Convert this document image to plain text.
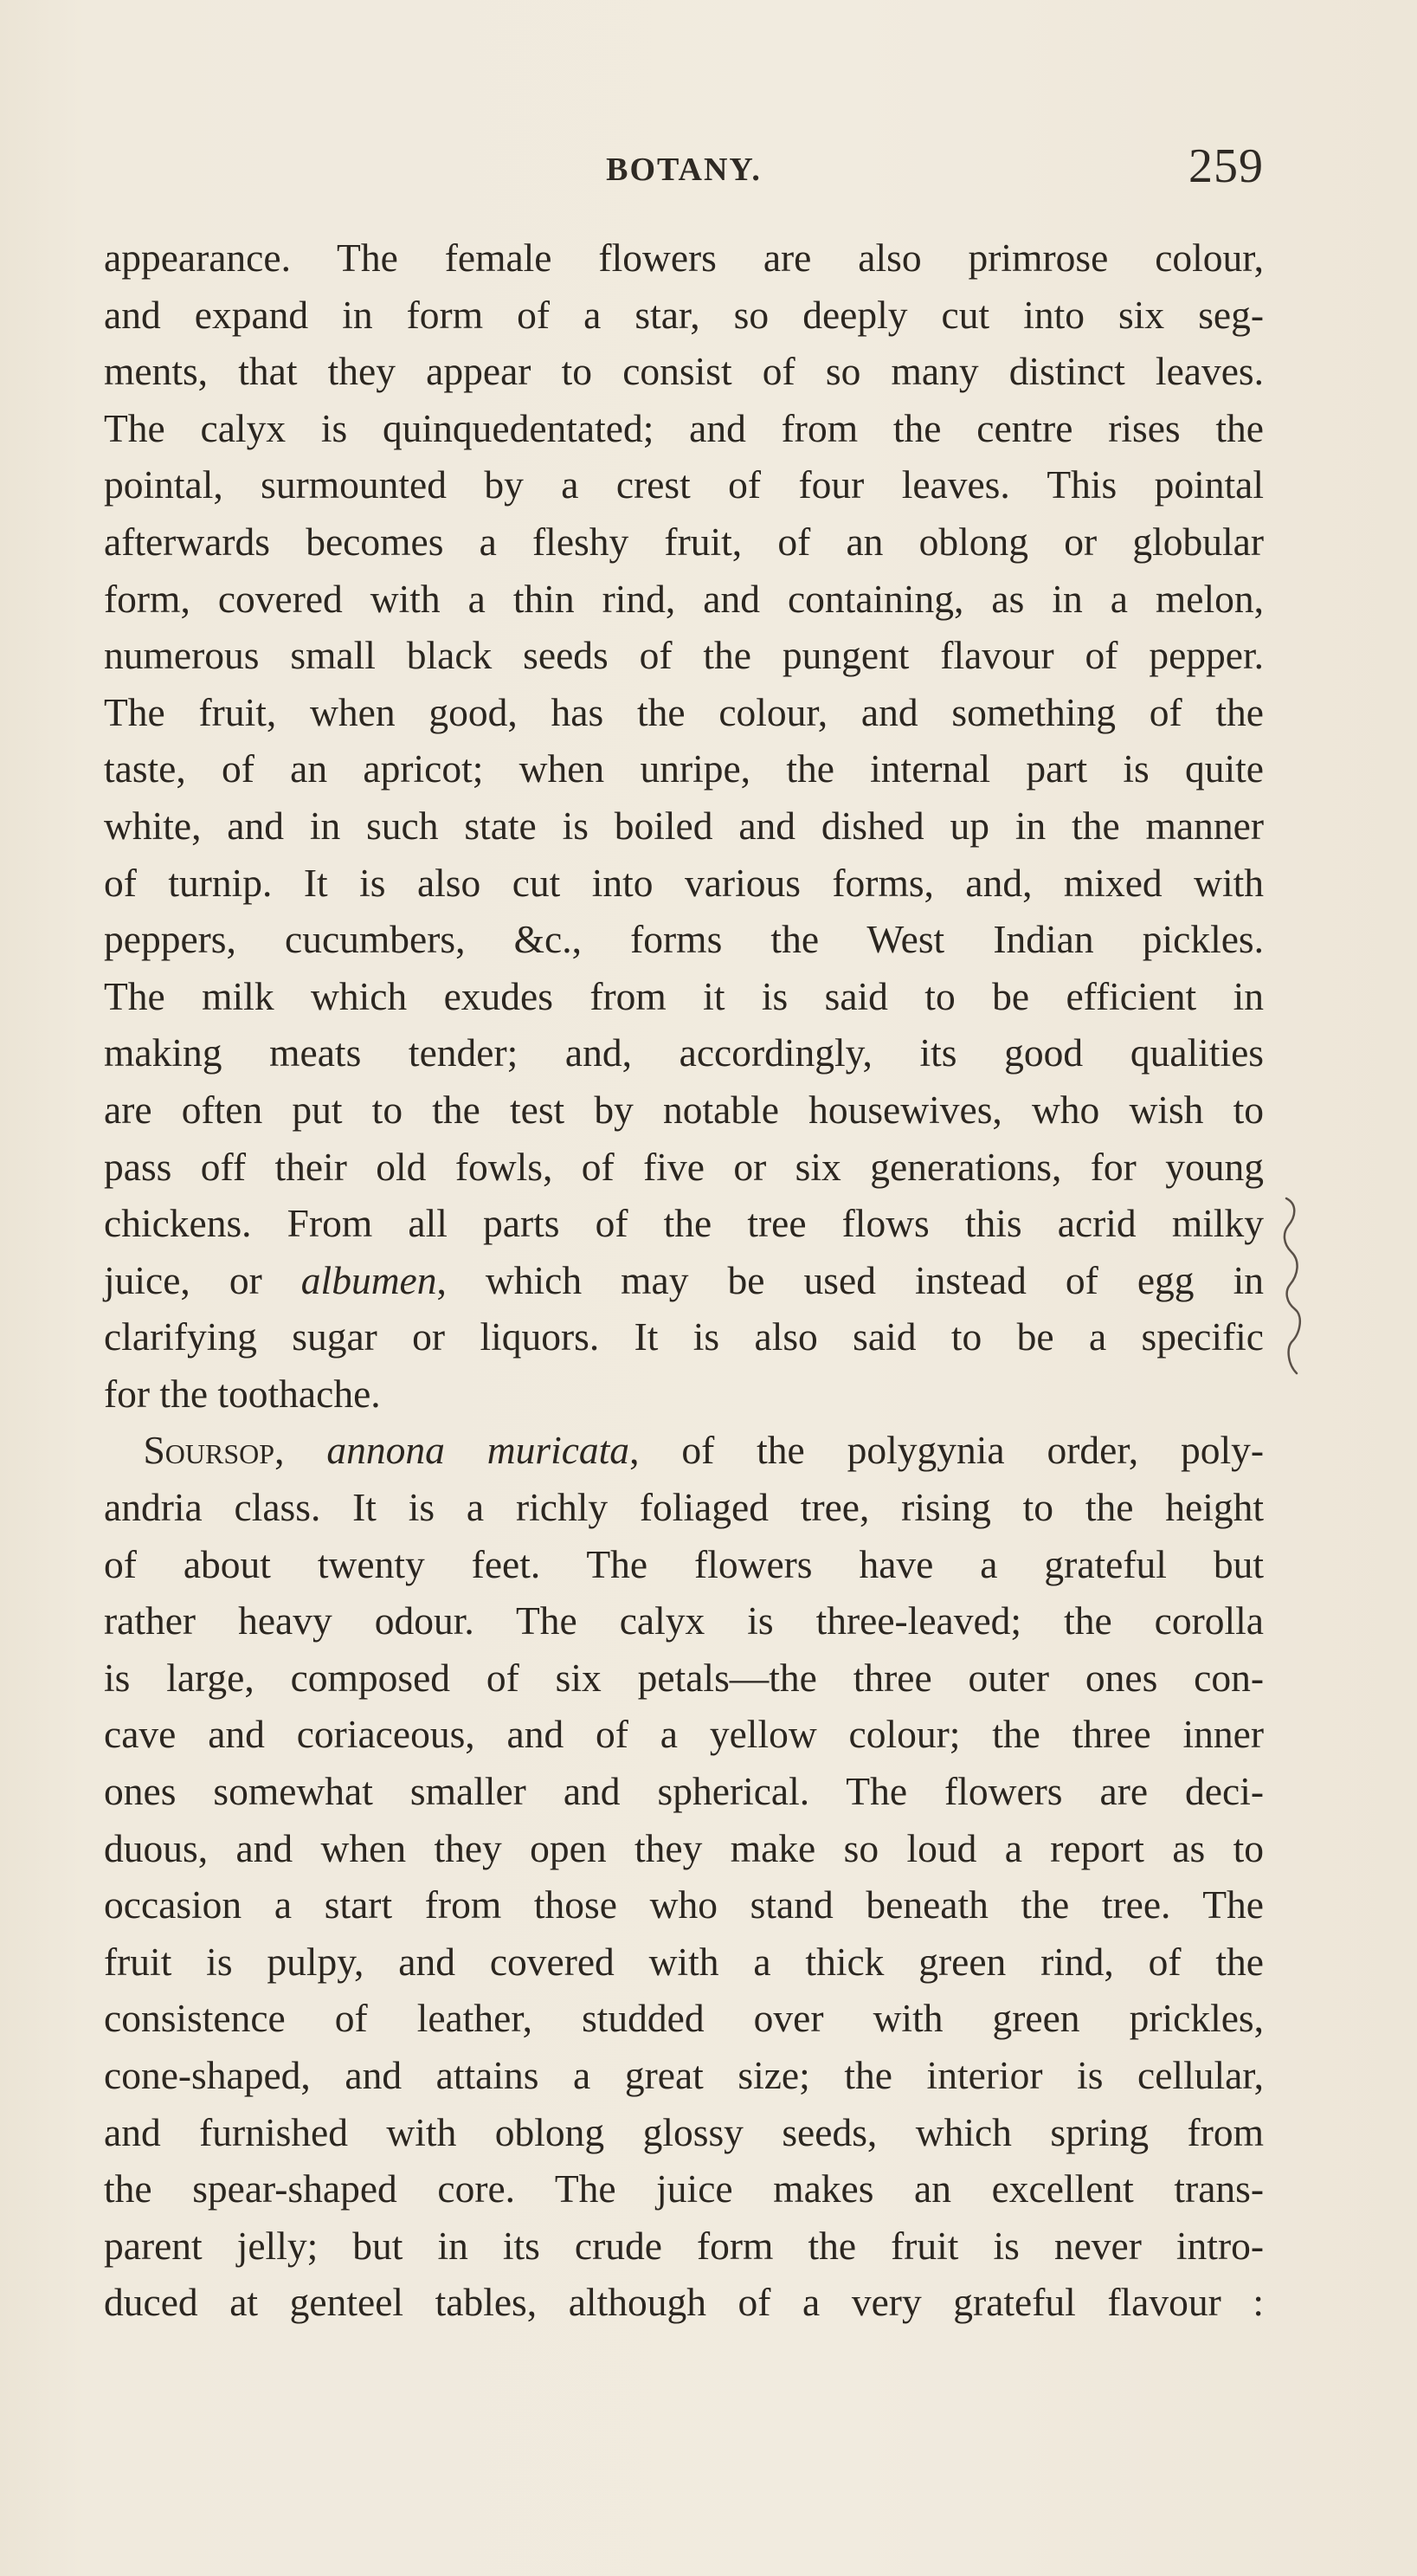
BOTANY.	259
appearance. The female flowers are also primrose colour,
and expand in form of a star, so deeply cut into six seg-
ments, that they appear to consist of so many distinct leaves.
The calyx is quinquedentated; and from the centre rises the
pointal, surmounted by a crest of four leaves. This pointal
afterwards becomes a fleshy fruit, of an oblong or globular
form, covered with a thin rind, and containing, as in a melon,
numerous small black seeds of the pungent flavour of pepper.
The fruit, when good, has the colour, and something of the
taste, of an apricot; when unripe, the internal part is quite
white, and in such state is boiled and dished up in the manner
of turnip. It is also cut into various forms, and, mixed with
peppers, cucumbers, &c., forms the West Indian pickles.
The milk which exudes from it is said to be efficient in
making meats tender; and, accordingly, its good qualities
are often put to the test by notable housewives, who wish to
pass off their old fowls, of five or six generations, for young
chickens. From all parts of the tree flows this acrid milky
juice, or albumen, which may be used instead of egg in
clarifying sugar or liquors. It is also said to be a specific
for the toothache.
 Soursop, annona muricata, of the polygynia order, poly-
andria class. It is a richly foliaged tree, rising to the height
of about twenty feet. The flowers have a grateful but
rather heavy odour. The calyx is three-leaved; the corolla
is large, composed of six petals—the three outer ones con-
cave and coriaceous, and of a yellow colour; the three inner
ones somewhat smaller and spherical. The flowers are deci-
duous, and when they open they make so loud a report as to
occasion a start from those who stand beneath the tree. The
fruit is pulpy, and covered with a thick green rind, of the
consistence of leather, studded over with green prickles,
cone-shaped, and attains a great size; the interior is cellular,
and furnished with oblong glossy seeds, which spring from
the spear-shaped core. The juice makes an excellent trans-
parent jelly; but in its crude form the fruit is never intro-
duced at genteel tables, although of a very grateful flavour :
